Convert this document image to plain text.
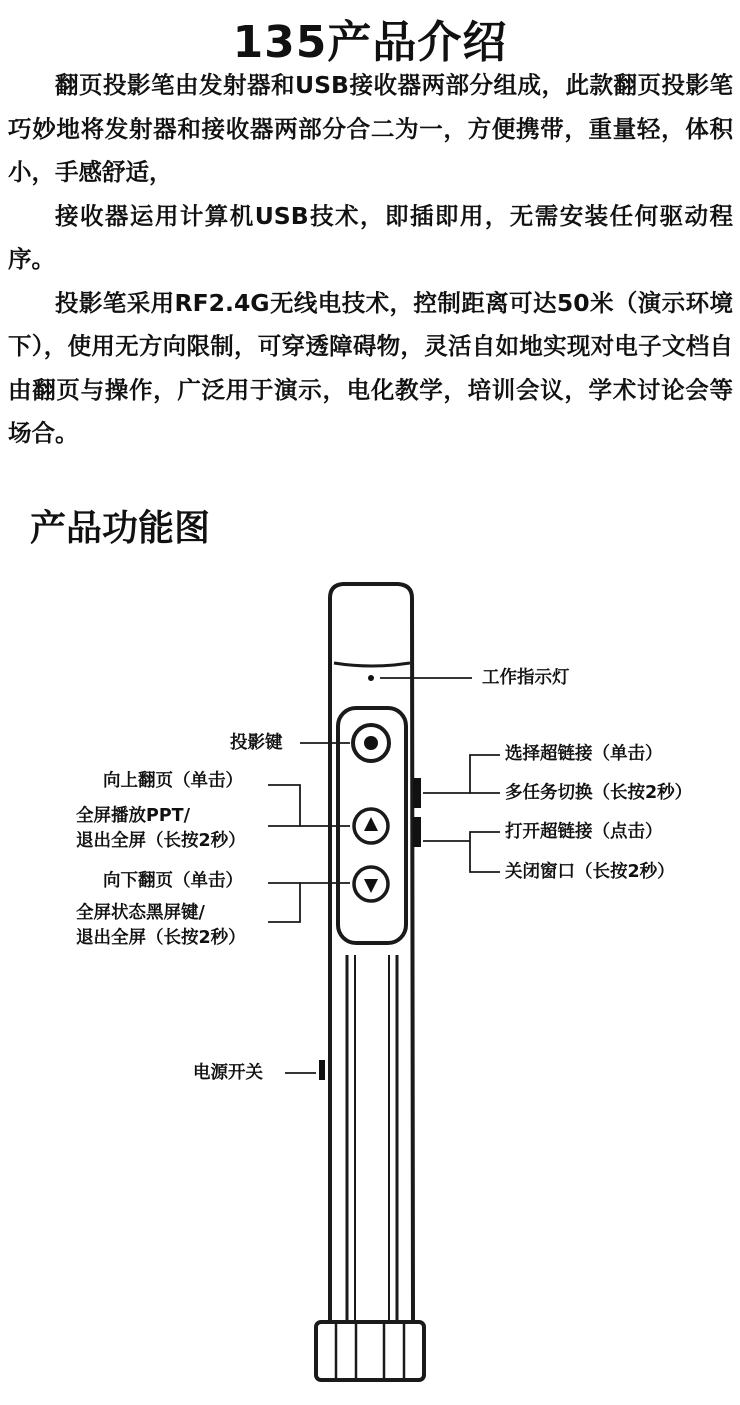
135产品介绍

翻页投影笔由发射器和USB接收器两部分组成，此款翻页投影笔巧妙地将发射器和接收器两部分合二为一，方便携带，重量轻，体积小，手感舒适，

接收器运用计算机USB技术，即插即用，无需安装任何驱动程序。

投影笔采用RF2.4G无线电技术，控制距离可达50米（演示环境下），使用无方向限制，可穿透障碍物，灵活自如地实现对电子文档自由翻页与操作，广泛用于演示，电化教学，培训会议，学术讨论会等场合。

产品功能图
工作指示灯
投影键
向上翻页（单击）
全屏播放PPT/
退出全屏（长按2秒）
向下翻页（单击）
全屏状态黑屏键/
退出全屏（长按2秒）
选择超链接（单击）
多任务切换（长按2秒）
打开超链接（点击）
关闭窗口（长按2秒）
电源开关
